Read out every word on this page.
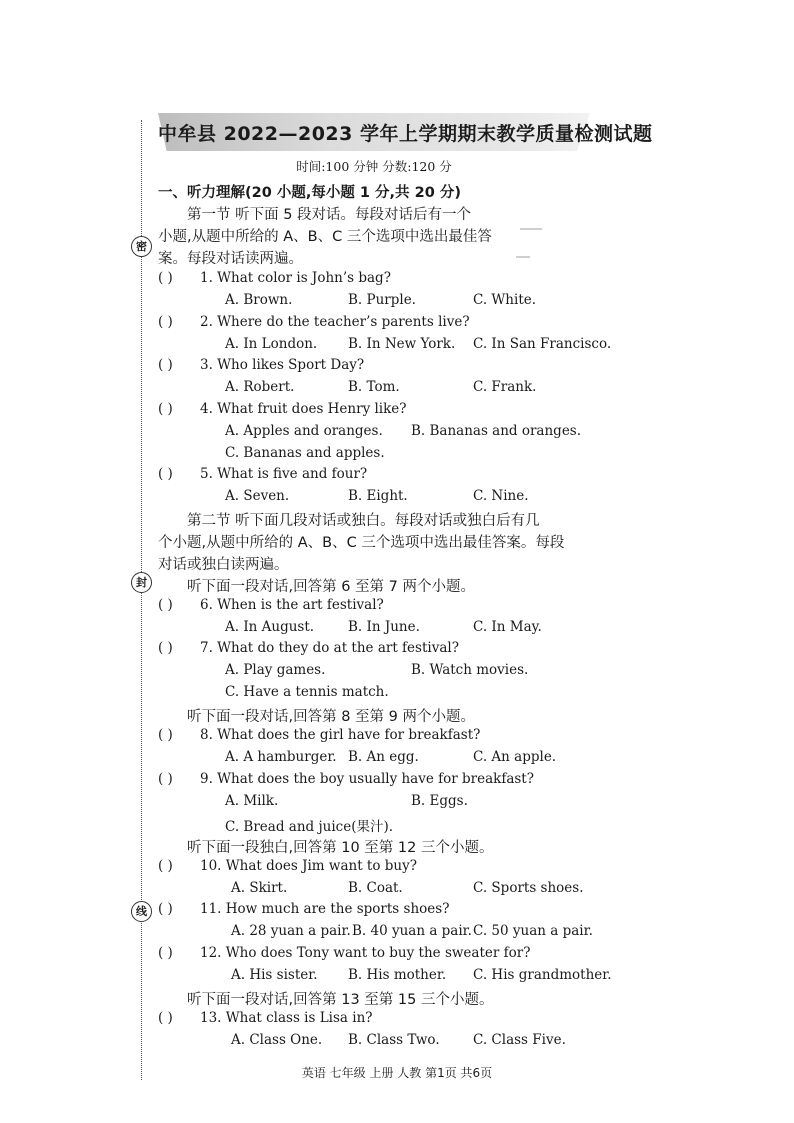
密
封
线
中牟县 2022—2023 学年上学期期末教学质量检测试题
时间:100 分钟 分数:120 分
一、听力理解(20 小题,每小题 1 分,共 20 分)
第一节 听下面 5 段对话。每段对话后有一个
小题,从题中所给的 A、B、C 三个选项中选出最佳答
案。每段对话读两遍。
( ) 1. What color is John’s bag?
A. Brown.	B. Purple.	C. White.
( ) 2. Where do the teacher’s parents live?
A. In London. B. In New York. C. In San Francisco.
( ) 3. Who likes Sport Day?
A. Robert.	B. Tom.	C. Frank.
( ) 4. What fruit does Henry like?
A. Apples and oranges. B. Bananas and oranges.
C. Bananas and apples.
( ) 5. What is five and four?
A. Seven.	B. Eight.	C. Nine.
第二节 听下面几段对话或独白。每段对话或独白后有几
个小题,从题中所给的 A、B、C 三个选项中选出最佳答案。每段
对话或独白读两遍。
听下面一段对话,回答第 6 至第 7 两个小题。
( ) 6. When is the art festival?
A. In August.	B. In June.	C. In May.
( ) 7. What do they do at the art festival?
A. Play games.	B. Watch movies.
C. Have a tennis match.
听下面一段对话,回答第 8 至第 9 两个小题。
( ) 8. What does the girl have for breakfast?
A. A hamburger. B. An egg.	C. An apple.
( ) 9. What does the boy usually have for breakfast?
A. Milk.	B. Eggs.
C. Bread and juice(果汁).
听下面一段独白,回答第 10 至第 12 三个小题。
( ) 10. What does Jim want to buy?
A. Skirt.	B. Coat.	C. Sports shoes.
( ) 11. How much are the sports shoes?
A. 28 yuan a pair. B. 40 yuan a pair. C. 50 yuan a pair.
( ) 12. Who does Tony want to buy the sweater for?
A. His sister. B. His mother. C. His grandmother.
听下面一段对话,回答第 13 至第 15 三个小题。
( ) 13. What class is Lisa in?
A. Class One. B. Class Two. C. Class Five.
英语 七年级 上册 人教 第1页 共6页
